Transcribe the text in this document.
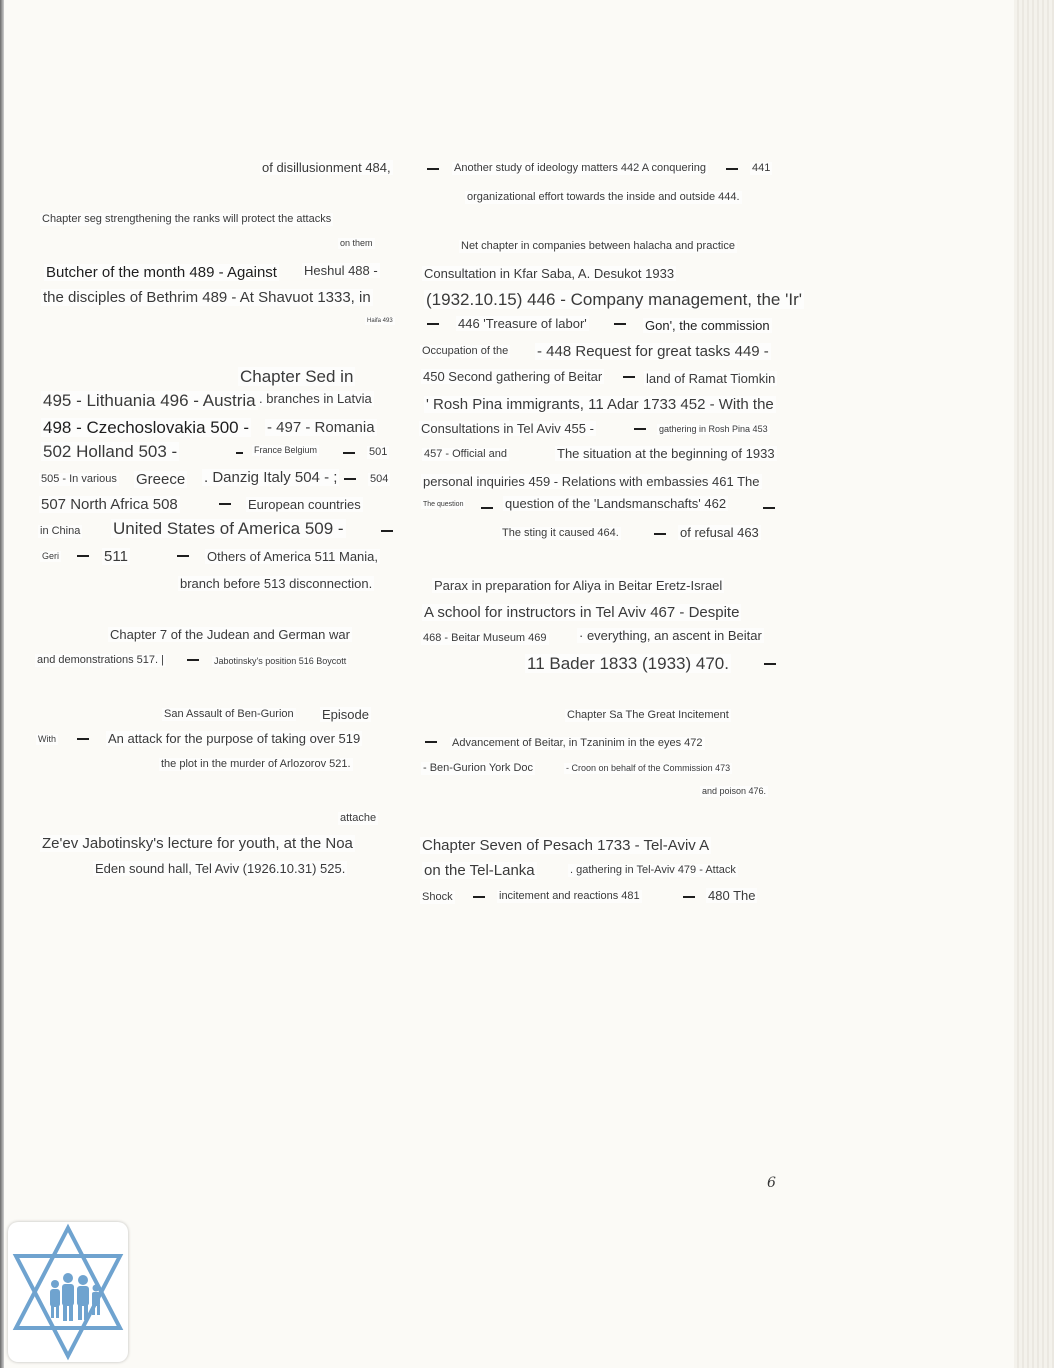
of disillusionment 484,
Chapter seg strengthening the ranks will protect the attacks
on them
Butcher of the month 489 - Against Heshul 488 -
the disciples of Bethrim 489 - At Shavuot 1333, in
Haifa 493
Chapter Sed in
495 - Lithuania 496 - Austria . branches in Latvia
498 - Czechoslovakia 500 - - 497 - Romania
502 Holland 503 -	France Belgium	501
505 - In various Greece . Danzig Italy 504 - ;	504
507 North Africa 508	European countries
in China United States of America 509 -
Geri	511	Others of America 511 Mania,
branch before 513 disconnection.
Chapter 7 of the Judean and German war
and demonstrations 517. |	Jabotinsky's position 516 Boycott
San Assault of Ben-Gurion Episode
With	An attack for the purpose of taking over 519
the plot in the murder of Arlozorov 521.
attache
Ze'ev Jabotinsky's lecture for youth, at the Noa
Eden sound hall, Tel Aviv (1926.10.31) 525.
Another study of ideology matters 442 A conquering	441
organizational effort towards the inside and outside 444.
Net chapter in companies between halacha and practice
Consultation in Kfar Saba, A. Desukot 1933
(1932.10.15) 446 - Company management, the 'Ir'
446 'Treasure of labor'	Gon', the commission
Occupation of the - 448 Request for great tasks 449 -
450 Second gathering of Beitar	land of Ramat Tiomkin
' Rosh Pina immigrants, 11 Adar 1733 452 - With the
Consultations in Tel Aviv 455 -	gathering in Rosh Pina 453
457 - Official and	The situation at the beginning of 1933
personal inquiries 459 - Relations with embassies 461 The
The question	question of the 'Landsmanschafts' 462
The sting it caused 464.	of refusal 463
Parax in preparation for Aliya in Beitar Eretz-Israel
A school for instructors in Tel Aviv 467 - Despite
468 - Beitar Museum 469 · everything, an ascent in Beitar
11 Bader 1833 (1933) 470.
Chapter Sa The Great Incitement
Advancement of Beitar, in Tzaninim in the eyes 472
- Ben-Gurion York Doc	- Croon on behalf of the Commission 473
and poison 476.
Chapter Seven of Pesach 1733 - Tel-Aviv A
on the Tel-Lanka	. gathering in Tel-Aviv 479 - Attack
Shock	incitement and reactions 481	480 The
6
